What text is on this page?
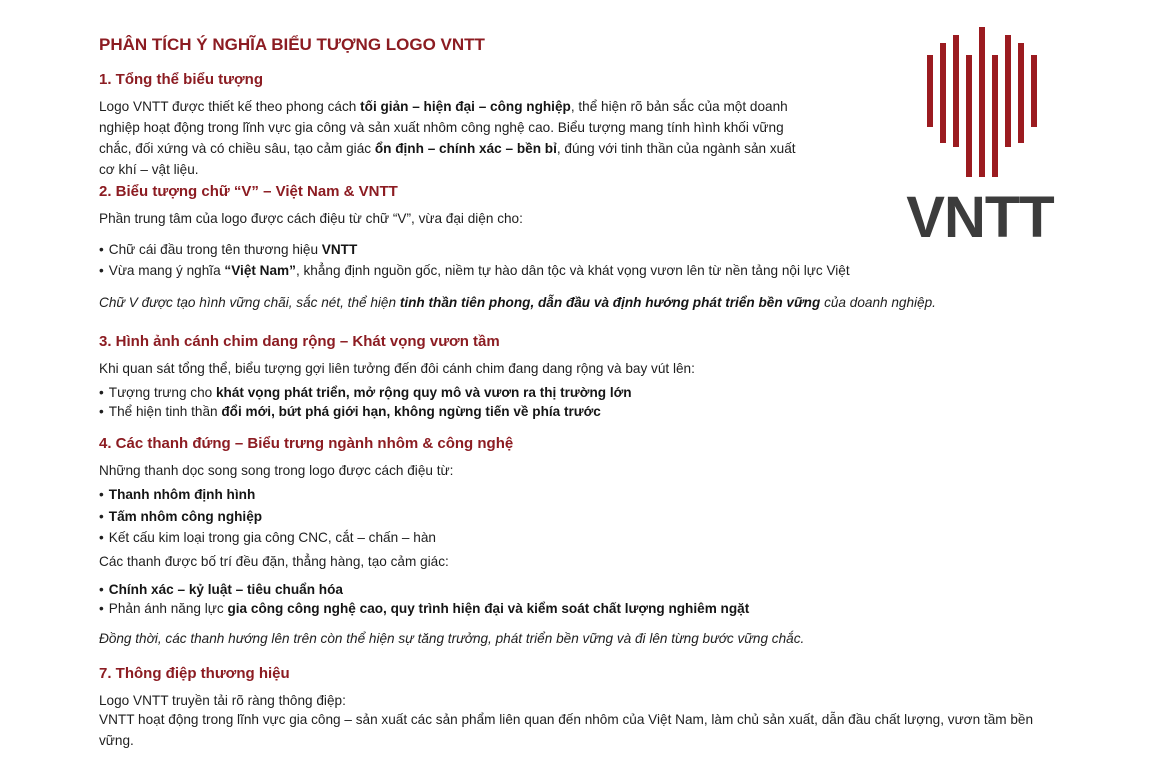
PHÂN TÍCH Ý NGHĨA BIỂU TƯỢNG LOGO VNTT
1. Tổng thể biểu tượng

Logo VNTT được thiết kế theo phong cách tối giản – hiện đại – công nghiệp, thể hiện rõ bản sắc của một doanh nghiệp hoạt động trong lĩnh vực gia công và sản xuất nhôm công nghệ cao. Biểu tượng mang tính hình khối vững chắc, đối xứng và có chiều sâu, tạo cảm giác ổn định – chính xác – bền bỉ, đúng với tinh thần của ngành sản xuất cơ khí – vật liệu.

2. Biểu tượng chữ “V” – Việt Nam & VNTT

Phần trung tâm của logo được cách điệu từ chữ “V”, vừa đại diện cho:

• Chữ cái đầu trong tên thương hiệu VNTT
• Vừa mang ý nghĩa “Việt Nam”, khẳng định nguồn gốc, niềm tự hào dân tộc và khát vọng vươn lên từ nền tảng nội lực Việt

Chữ V được tạo hình vững chãi, sắc nét, thể hiện tinh thần tiên phong, dẫn đầu và định hướng phát triển bền vững của doanh nghiệp.

3. Hình ảnh cánh chim dang rộng – Khát vọng vươn tầm

Khi quan sát tổng thể, biểu tượng gợi liên tưởng đến đôi cánh chim đang dang rộng và bay vút lên:

• Tượng trưng cho khát vọng phát triển, mở rộng quy mô và vươn ra thị trường lớn
• Thể hiện tinh thần đổi mới, bứt phá giới hạn, không ngừng tiến về phía trước
4. Các thanh đứng – Biểu trưng ngành nhôm & công nghệ

Những thanh dọc song song trong logo được cách điệu từ:

• Thanh nhôm định hình
• Tấm nhôm công nghiệp
• Kết cấu kim loại trong gia công CNC, cắt – chấn – hàn

Các thanh được bố trí đều đặn, thẳng hàng, tạo cảm giác:

• Chính xác – kỷ luật – tiêu chuẩn hóa
• Phản ánh năng lực gia công công nghệ cao, quy trình hiện đại và kiểm soát chất lượng nghiêm ngặt

Đồng thời, các thanh hướng lên trên còn thể hiện sự tăng trưởng, phát triển bền vững và đi lên từng bước vững chắc.

7. Thông điệp thương hiệu

Logo VNTT truyền tải rõ ràng thông điệp:

VNTT hoạt động trong lĩnh vực gia công – sản xuất các sản phẩm liên quan đến nhôm của Việt Nam, làm chủ sản xuất, dẫn đầu chất lượng, vươn tầm bền vững.

VNTT
